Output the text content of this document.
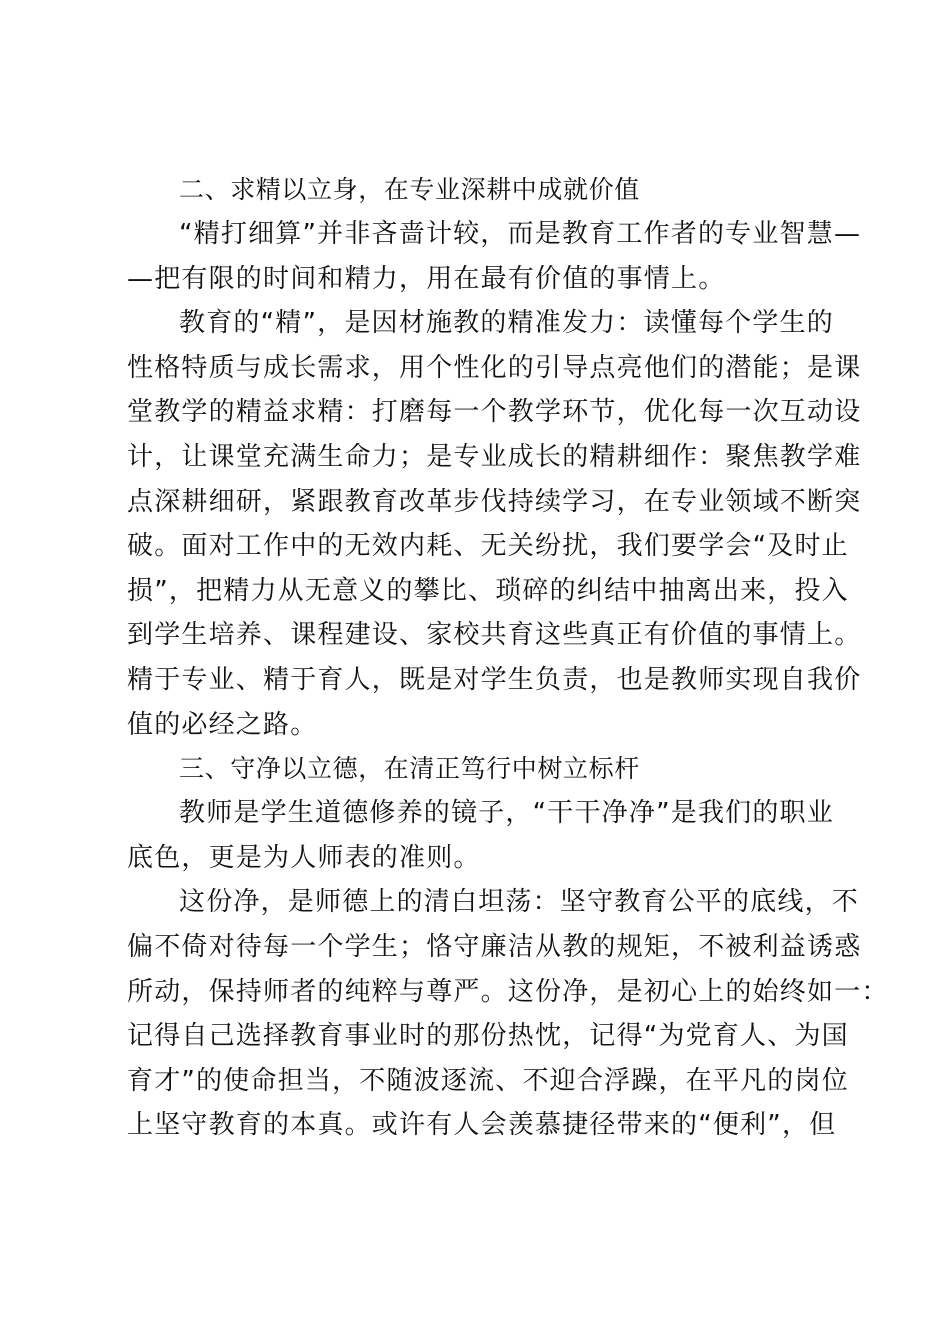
二、求精以立身，在专业深耕中成就价值

“精打细算”并非吝啬计较，而是教育工作者的专业智慧—
—把有限的时间和精力，用在最有价值的事情上。

教育的“精”，是因材施教的精准发力：读懂每个学生的
性格特质与成长需求，用个性化的引导点亮他们的潜能；是课
堂教学的精益求精：打磨每一个教学环节，优化每一次互动设
计，让课堂充满生命力；是专业成长的精耕细作：聚焦教学难
点深耕细研，紧跟教育改革步伐持续学习，在专业领域不断突
破。面对工作中的无效内耗、无关纷扰，我们要学会“及时止
损”，把精力从无意义的攀比、琐碎的纠结中抽离出来，投入
到学生培养、课程建设、家校共育这些真正有价值的事情上。
精于专业、精于育人，既是对学生负责，也是教师实现自我价
值的必经之路。

三、守净以立德，在清正笃行中树立标杆

教师是学生道德修养的镜子，“干干净净”是我们的职业
底色，更是为人师表的准则。

这份净，是师德上的清白坦荡：坚守教育公平的底线，不
偏不倚对待每一个学生；恪守廉洁从教的规矩，不被利益诱惑
所动，保持师者的纯粹与尊严。这份净，是初心上的始终如一：
记得自己选择教育事业时的那份热忱，记得“为党育人、为国
育才”的使命担当，不随波逐流、不迎合浮躁，在平凡的岗位
上坚守教育的本真。或许有人会羡慕捷径带来的“便利”，但
